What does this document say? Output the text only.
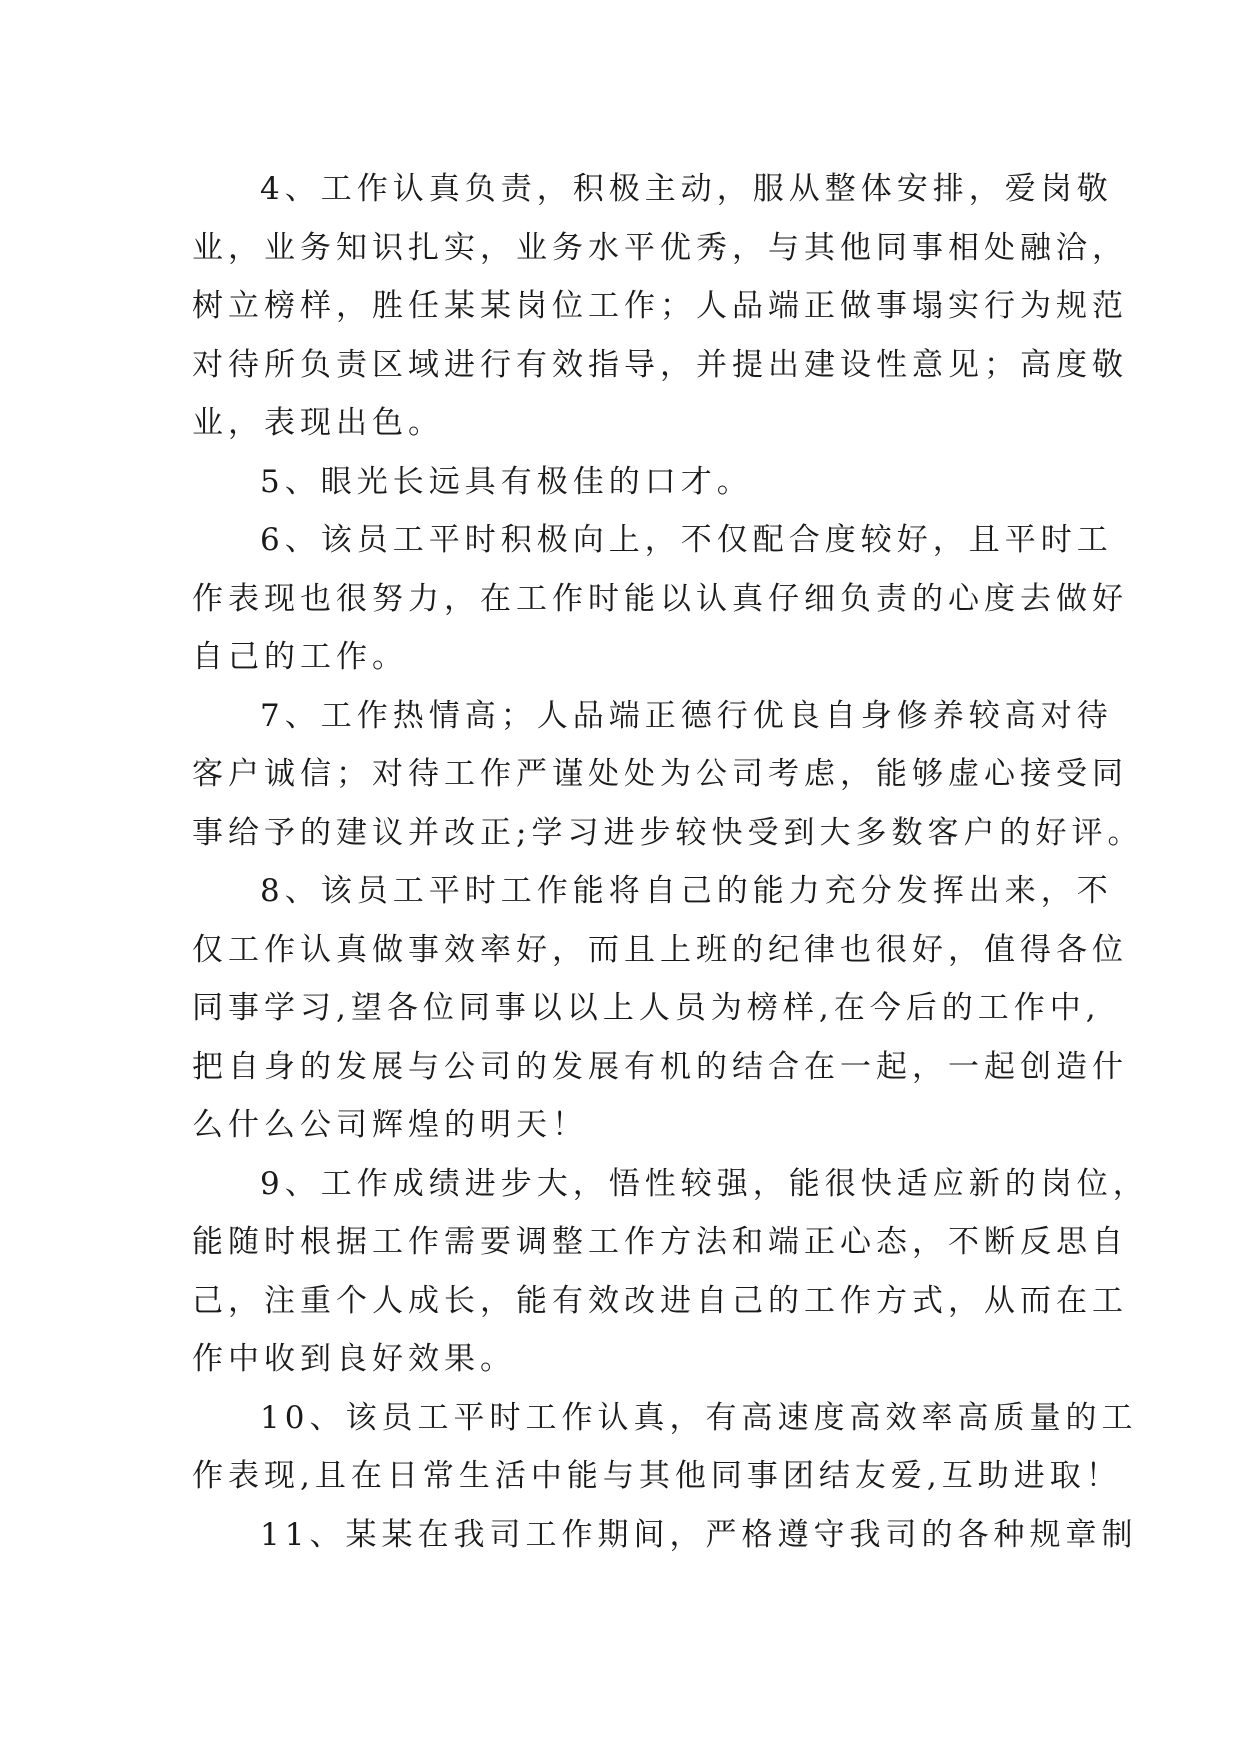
4、工作认真负责，积极主动，服从整体安排，爱岗敬
业，业务知识扎实，业务水平优秀，与其他同事相处融洽，
树立榜样，胜任某某岗位工作；人品端正做事塌实行为规范
对待所负责区域进行有效指导，并提出建设性意见；高度敬
业，表现出色。
5、眼光长远具有极佳的口才。
6、该员工平时积极向上，不仅配合度较好，且平时工
作表现也很努力，在工作时能以认真仔细负责的心度去做好
自己的工作。
7、工作热情高；人品端正德行优良自身修养较高对待
客户诚信；对待工作严谨处处为公司考虑，能够虚心接受同
事给予的建议并改正;学习进步较快受到大多数客户的好评。
8、该员工平时工作能将自己的能力充分发挥出来，不
仅工作认真做事效率好，而且上班的纪律也很好，值得各位
同事学习,望各位同事以以上人员为榜样,在今后的工作中,
把自身的发展与公司的发展有机的结合在一起，一起创造什
么什么公司辉煌的明天！
9、工作成绩进步大，悟性较强，能很快适应新的岗位，
能随时根据工作需要调整工作方法和端正心态，不断反思自
己，注重个人成长，能有效改进自己的工作方式，从而在工
作中收到良好效果。
10、该员工平时工作认真，有高速度高效率高质量的工
作表现,且在日常生活中能与其他同事团结友爱,互助进取！
11、某某在我司工作期间，严格遵守我司的各种规章制
